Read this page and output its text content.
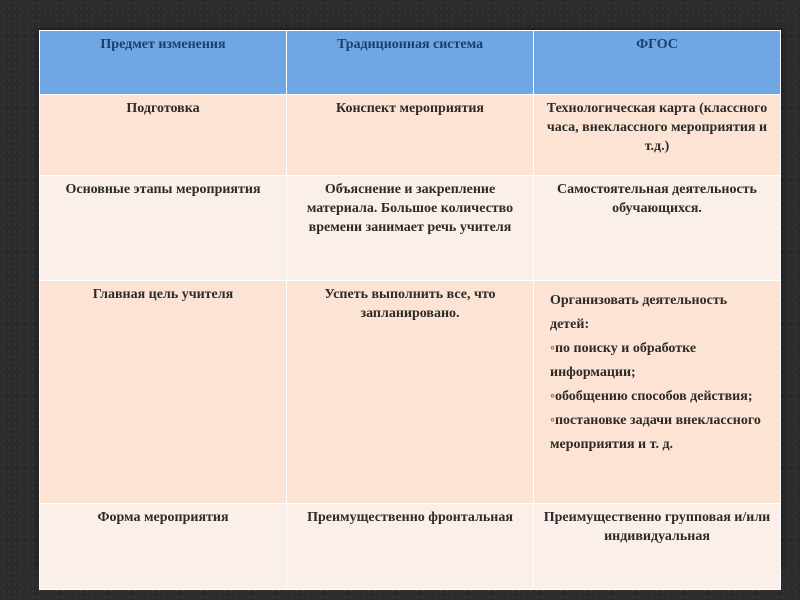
Предмет изменения	Традиционная система	ФГОС
Подготовка	Конспект мероприятия	Технологическая карта (классного часа, внеклассного мероприятия и т.д.)
Основные этапы мероприятия	Объяснение и закрепление материала. Большое количество времени занимает речь учителя	Самостоятельная деятельность обучающихся.
Главная цель учителя	Успеть выполнить все, что запланировано.	Организовать деятельность детей:
◦ по поиску и обработке информации;
◦ обобщению способов действия;
◦ постановке задачи внеклассного мероприятия и т. д.

Форма мероприятия	Преимущественно фронтальная	Преимущественно групповая и/или индивидуальная
